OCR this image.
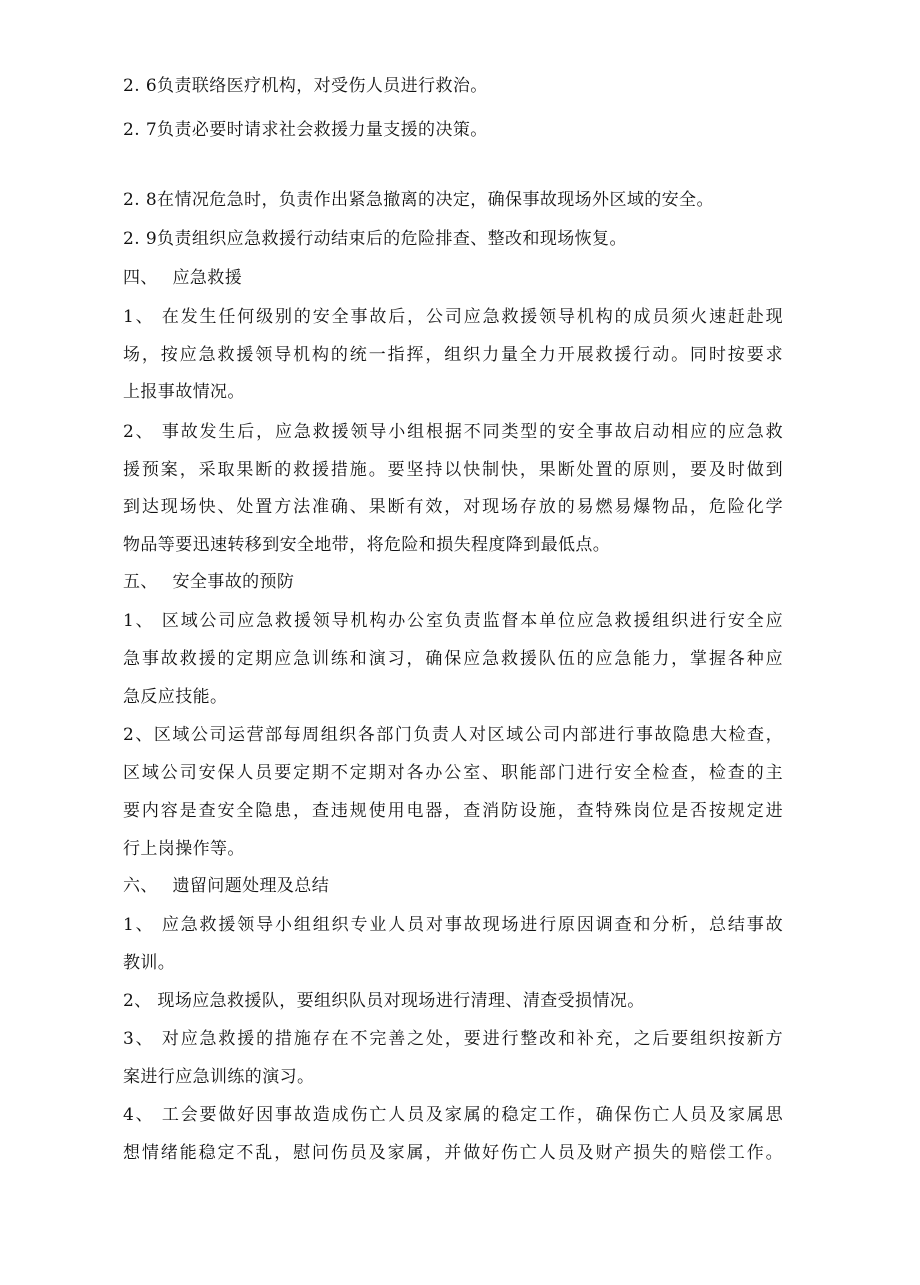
2. 6负责联络医疗机构，对受伤人员进行救治。
2. 7负责必要时请求社会救援力量支援的决策。
2. 8在情况危急时，负责作出紧急撤离的决定，确保事故现场外区域的安全。
2. 9负责组织应急救援行动结束后的危险排查、整改和现场恢复。
四、　 应急救援
1、 在发生任何级别的安全事故后，公司应急救援领导机构的成员须火速赶赴现
场，按应急救援领导机构的统一指挥，组织力量全力开展救援行动。同时按要求
上报事故情况。
2、 事故发生后，应急救援领导小组根据不同类型的安全事故启动相应的应急救
援预案，采取果断的救援措施。要坚持以快制快，果断处置的原则，要及时做到
到达现场快、处置方法准确、果断有效，对现场存放的易燃易爆物品，危险化学
物品等要迅速转移到安全地带，将危险和损失程度降到最低点。
五、　 安全事故的预防
1、 区域公司应急救援领导机构办公室负责监督本单位应急救援组织进行安全应
急事故救援的定期应急训练和演习，确保应急救援队伍的应急能力，掌握各种应
急反应技能。
2、区域公司运营部每周组织各部门负责人对区域公司内部进行事故隐患大检查，
区域公司安保人员要定期不定期对各办公室、职能部门进行安全检查，检查的主
要内容是查安全隐患，查违规使用电器，查消防设施，查特殊岗位是否按规定进
行上岗操作等。
六、　 遗留问题处理及总结
1、 应急救援领导小组组织专业人员对事故现场进行原因调查和分析，总结事故
教训。
2、 现场应急救援队，要组织队员对现场进行清理、清查受损情况。
3、 对应急救援的措施存在不完善之处，要进行整改和补充，之后要组织按新方
案进行应急训练的演习。
4、 工会要做好因事故造成伤亡人员及家属的稳定工作，确保伤亡人员及家属思
想情绪能稳定不乱，慰问伤员及家属，并做好伤亡人员及财产损失的赔偿工作。
